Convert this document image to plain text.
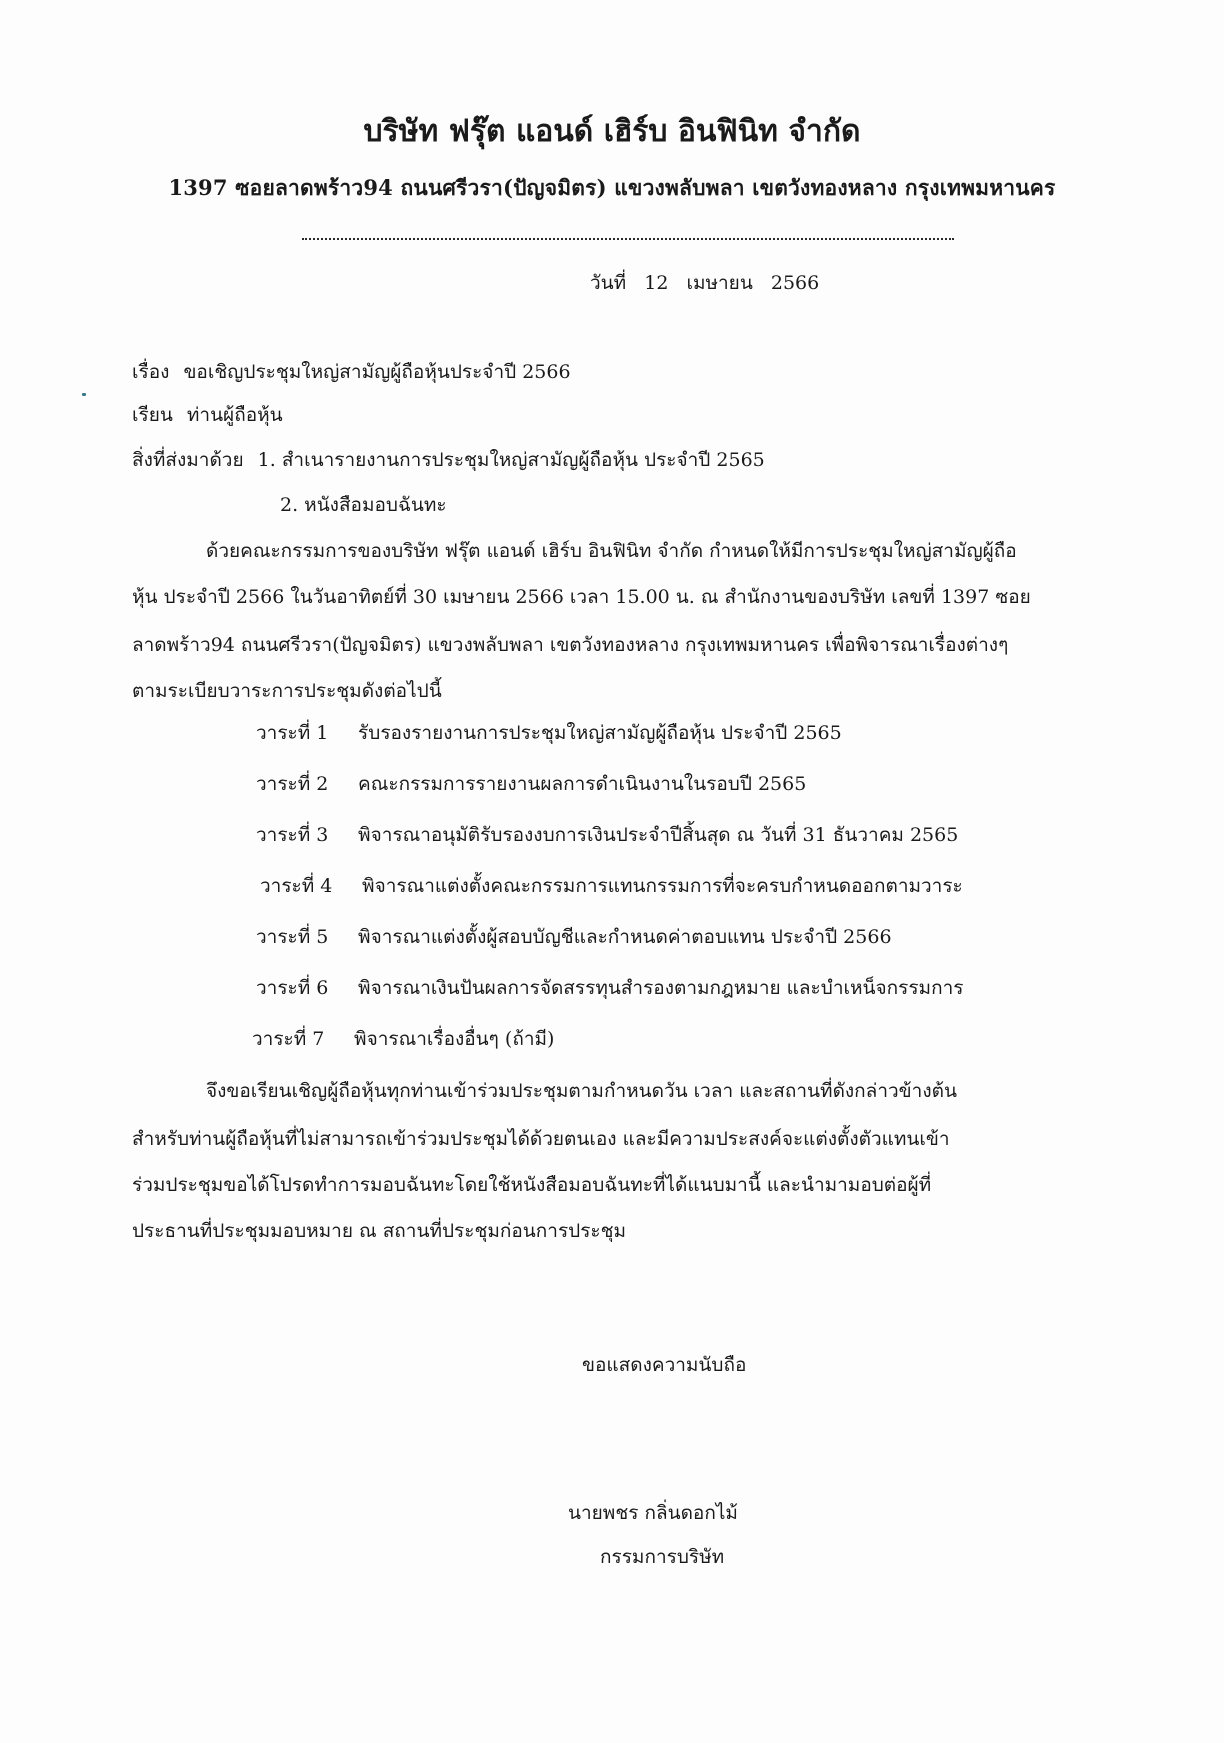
บริษัท ฟรุ๊ต แอนด์ เฮิร์บ อินฟินิท จำกัด
1397 ซอยลาดพร้าว94 ถนนศรีวรา(ปัญจมิตร) แขวงพลับพลา เขตวังทองหลาง กรุงเทพมหานคร
วันที่ 12 เมษายน 2566
เรื่อง ขอเชิญประชุมใหญ่สามัญผู้ถือหุ้นประจำปี 2566
เรียน ท่านผู้ถือหุ้น
สิ่งที่ส่งมาด้วย 1. สำเนารายงานการประชุมใหญ่สามัญผู้ถือหุ้น ประจำปี 2565
2. หนังสือมอบฉันทะ
ด้วยคณะกรรมการของบริษัท ฟรุ๊ต แอนด์ เฮิร์บ อินฟินิท จำกัด กำหนดให้มีการประชุมใหญ่สามัญผู้ถือ
หุ้น ประจำปี 2566 ในวันอาทิตย์ที่ 30 เมษายน 2566 เวลา 15.00 น. ณ สำนักงานของบริษัท เลขที่ 1397 ซอย
ลาดพร้าว94 ถนนศรีวรา(ปัญจมิตร) แขวงพลับพลา เขตวังทองหลาง กรุงเทพมหานคร เพื่อพิจารณาเรื่องต่างๆ
ตามระเบียบวาระการประชุมดังต่อไปนี้
วาระที่ 1 รับรองรายงานการประชุมใหญ่สามัญผู้ถือหุ้น ประจำปี 2565
วาระที่ 2 คณะกรรมการรายงานผลการดำเนินงานในรอบปี 2565
วาระที่ 3 พิจารณาอนุมัติรับรองงบการเงินประจำปีสิ้นสุด ณ วันที่ 31 ธันวาคม 2565
วาระที่ 4 พิจารณาแต่งตั้งคณะกรรมการแทนกรรมการที่จะครบกำหนดออกตามวาระ
วาระที่ 5 พิจารณาแต่งตั้งผู้สอบบัญชีและกำหนดค่าตอบแทน ประจำปี 2566
วาระที่ 6 พิจารณาเงินปันผลการจัดสรรทุนสำรองตามกฎหมาย และบำเหน็จกรรมการ
วาระที่ 7 พิจารณาเรื่องอื่นๆ (ถ้ามี)
จึงขอเรียนเชิญผู้ถือหุ้นทุกท่านเข้าร่วมประชุมตามกำหนดวัน เวลา และสถานที่ดังกล่าวข้างต้น
สำหรับท่านผู้ถือหุ้นที่ไม่สามารถเข้าร่วมประชุมได้ด้วยตนเอง และมีความประสงค์จะแต่งตั้งตัวแทนเข้า
ร่วมประชุมขอได้โปรดทำการมอบฉันทะโดยใช้หนังสือมอบฉันทะที่ได้แนบมานี้ และนำมามอบต่อผู้ที่
ประธานที่ประชุมมอบหมาย ณ สถานที่ประชุมก่อนการประชุม
ขอแสดงความนับถือ
นายพชร กลิ่นดอกไม้
กรรมการบริษัท
